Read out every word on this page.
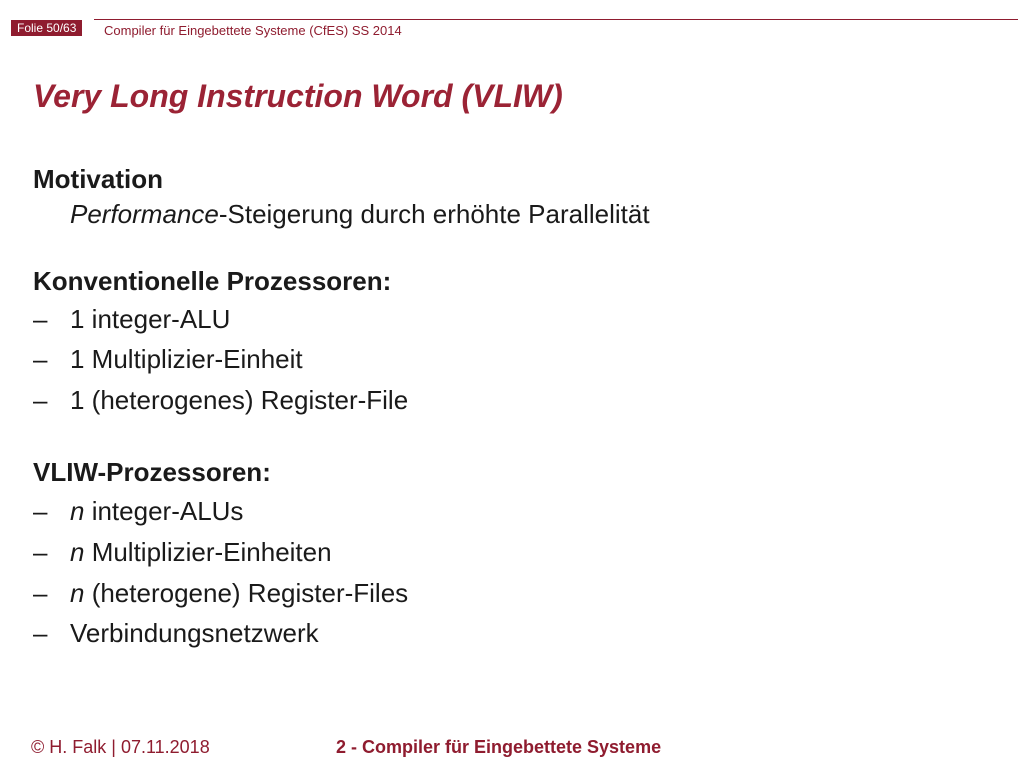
Folie 50/63	Compiler für Eingebettete Systeme (CfES) SS 2014
Very Long Instruction Word (VLIW)
Motivation
Performance-Steigerung durch erhöhte Parallelität
Konventionelle Prozessoren:
– 1 integer-ALU
– 1 Multiplizier-Einheit
– 1 (heterogenes) Register-File
VLIW-Prozessoren:
– n integer-ALUs
– n Multiplizier-Einheiten
– n (heterogene) Register-Files
– Verbindungsnetzwerk
© H. Falk | 07.11.2018	2 - Compiler für Eingebettete Systeme
